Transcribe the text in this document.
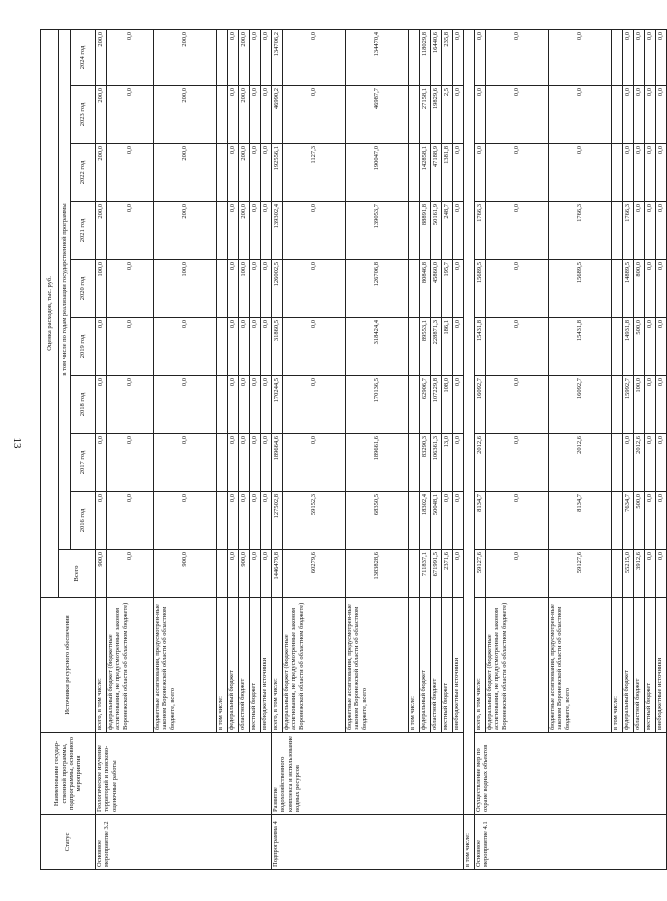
13
Статус	Наименование государ-ственной программы, подпрограммы, основного мероприятия	Источники ресурсного обеспечения	Оценка расходов, тыс. руб.									
			Всего	в том числе по годам реализации государственной программы								
				2016 год	2017 год	2018 год	2019 год	2020 год	2021 год	2022 год	2023 год	2024 год
Основное мероприятие 3.2	Геологическое изучение территорий и поисково-оценочные работы	всего, в том числе:	900,0	0,0	0,0	0,0	0,0	100,0	200,0	200,0	200,0	200,0
		федеральный бюджет (бюджетные ассигнования, не предусмотренные законом Воронежской области об областном бюджете)	0,0	0,0	0,0	0,0	0,0	0,0	0,0	0,0	0,0	0,0
		бюджетные ассигнования, предусмотрен-ные законом Воронежской области об областном бюджете, всего	900,0	0,0	0,0	0,0	0,0	100,0	200,0	200,0	200,0	200,0
		в том числе:										
		федеральный бюджет	0,0	0,0	0,0	0,0	0,0	0,0	0,0	0,0	0,0	0,0
		областной бюджет	900,0	0,0	0,0	0,0	0,0	100,0	200,0	200,0	200,0	200,0
		местный бюджет	0,0	0,0	0,0	0,0	0,0	0,0	0,0	0,0	0,0	0,0
		внебюджетные источники	0,0	0,0	0,0	0,0	0,0	0,0	0,0	0,0	0,0	0,0
Подпрограмма 4	Развитие водохозяйственного комплекса и использование водных ресурсов	всего, в том числе:	1446479,8	127502,8	189664,6	170244,5	31860,5	126002,5	139302,4	192556,1	46990,2	134706,2
		федеральный бюджет (бюджетные ассигнования, не предусмотренные законом Воронежской области об областном бюджете)	60279,6	59152,3	0,0	0,0	0,0	0,0	0,0	1127,3	0,0	0,0
		бюджетные ассигнования, предусмотрен-ные законом Воронежской области об областном бюджете, всего	1383828,6	68350,5	189661,6	170136,5	318424,4	126706,8	139053,7	190047,0	46987,7	134470,4
		в том числе:										
		федеральный бюджет	711837,1	18302,4	83290,3	62906,7	89553,1	80846,8	88891,8	142858,1	27158,1	118029,8
		областной бюджет	671991,5	50048,1	106361,3	107229,8	228871,3	45860,0	50161,9	47188,9	19829,6	16440,6
		местный бюджет	2371,6	0,0	13,0	108,0	186,1	195,7	248,7	1381,8	2,5	235,8
		внебюджетные источники	0,0	0,0	0,0	0,0	0,0	0,0	0,0	0,0	0,0	0,0
в том числе:												
Основное мероприятие 4.1	Осуществление мер по охране водных объектов	всего, в том числе:	59127,6	8134,7	2012,6	16092,7	15431,8	15689,5	1766,3	0,0	0,0	0,0
		федеральный бюджет (бюджетные ассигнования, не предусмотренные законом Воронежской области об областном бюджете)	0,0	0,0	0,0	0,0	0,0	0,0	0,0	0,0	0,0	0,0
		бюджетные ассигнования, предусмотрен-ные законом Воронежской области об областном бюджете, всего	59127,6	8134,7	2012,6	16092,7	15431,8	15689,5	1766,3	0,0	0,0	0,0
		в том числе:										
		федеральный бюджет	55215,0	7634,7	0,0	15992,7	14931,8	14889,5	1766,3	0,0	0,0	0,0
		областной бюджет	3912,6	500,0	2012,6	100,0	500,0	800,0	0,0	0,0	0,0	0,0
		местный бюджет	0,0	0,0	0,0	0,0	0,0	0,0	0,0	0,0	0,0	0,0
		внебюджетные источники	0,0	0,0	0,0	0,0	0,0	0,0	0,0	0,0	0,0	0,0
